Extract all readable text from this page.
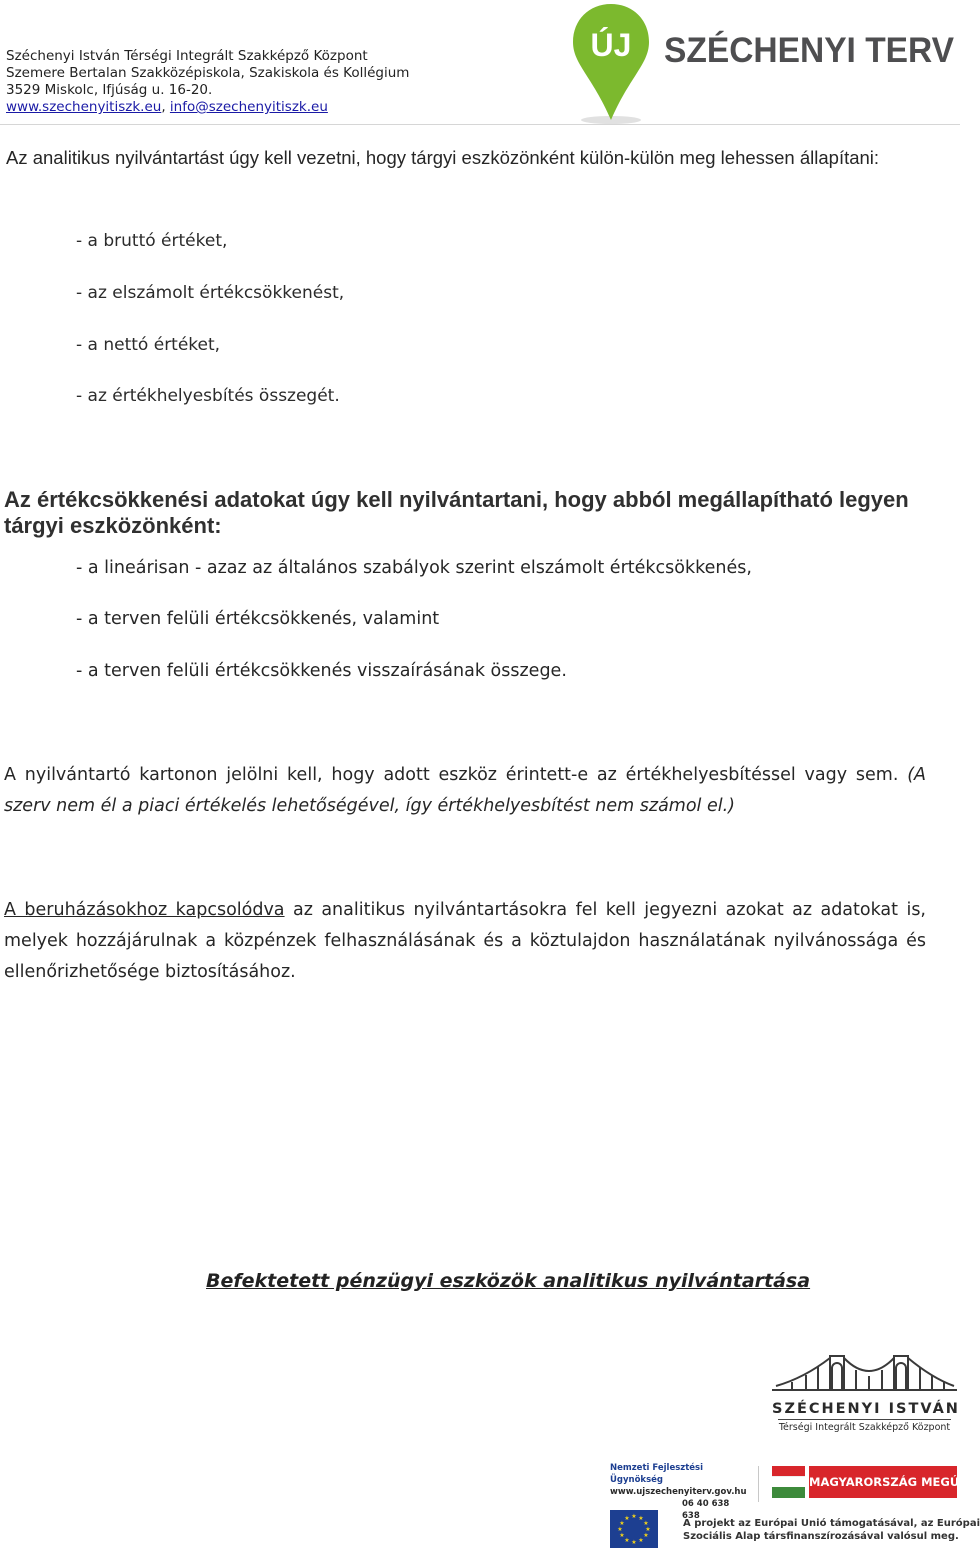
Széchenyi István Térségi Integrált Szakképző Központ
Szemere Bertalan Szakközépiskola, Szakiskola és Kollégium
3529 Miskolc, Ifjúság u. 16-20.
www.szechenyitiszk.eu, info@szechenyitiszk.eu
ÚJ SZÉCHENYI TERV
Az analitikus nyilvántartást úgy kell vezetni, hogy tárgyi eszközönként külön-külön meg lehessen állapítani:
- a bruttó értéket,
- az elszámolt értékcsökkenést,
- a nettó értéket,
- az értékhelyesbítés összegét.
Az értékcsökkenési adatokat úgy kell nyilvántartani, hogy abból megállapítható legyen tárgyi eszközönként:
- a lineárisan - azaz az általános szabályok szerint elszámolt értékcsökkenés,
- a terven felüli értékcsökkenés, valamint
- a terven felüli értékcsökkenés visszaírásának összege.
A nyilvántartó kartonon jelölni kell, hogy adott eszköz érintett-e az értékhelyesbítéssel vagy sem. (A szerv nem él a piaci értékelés lehetőségével, így értékhelyesbítést nem számol el.)
A beruházásokhoz kapcsolódva az analitikus nyilvántartásokra fel kell jegyezni azokat az adatokat is, melyek hozzájárulnak a közpénzek felhasználásának és a köztulajdon használatának nyilvánossága és ellenőrizhetősége biztosításához.
Befektetett pénzügyi eszközök analitikus nyilvántartása
SZÉCHENYI ISTVÁN
Térségi Integrált Szakképző Központ
Nemzeti Fejlesztési Ügynökség
www.ujszechenyiterv.gov.hu
06 40 638 638
MAGYARORSZÁG MEGÚJUL
★ ★
★
★
★
★
★
★
★
★
★
★	A projekt az Európai Unió támogatásával, az Európai
Szociális Alap társfinanszírozásával valósul meg.
